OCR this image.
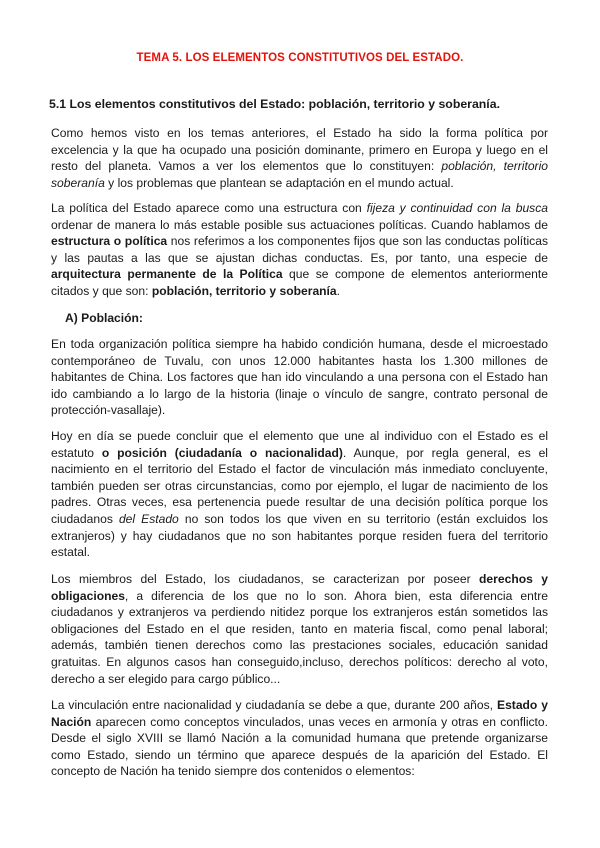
TEMA 5. LOS ELEMENTOS CONSTITUTIVOS DEL ESTADO.
5.1 Los elementos constitutivos del Estado: población, territorio y soberanía.

Como hemos visto en los temas anteriores, el Estado ha sido la forma política por excelencia y la que ha ocupado una posición dominante, primero en Europa y luego en el resto del planeta. Vamos a ver los elementos que lo constituyen: población, territorio soberanía y los problemas que plantean se adaptación en el mundo actual.

La política del Estado aparece como una estructura con fijeza y continuidad con la busca ordenar de manera lo más estable posible sus actuaciones políticas. Cuando hablamos de estructura o política nos referimos a los componentes fijos que son las conductas políticas y las pautas a las que se ajustan dichas conductas. Es, por tanto, una especie de arquitectura permanente de la Política que se compone de elementos anteriormente citados y que son: población, territorio y soberanía.

A) Población:

En toda organización política siempre ha habido condición humana, desde el microestado contemporáneo de Tuvalu, con unos 12.000 habitantes hasta los 1.300 millones de habitantes de China. Los factores que han ido vinculando a una persona con el Estado han ido cambiando a lo largo de la historia (linaje o vínculo de sangre, contrato personal de protección-vasallaje).

Hoy en día se puede concluir que el elemento que une al individuo con el Estado es el estatuto o posición (ciudadanía o nacionalidad). Aunque, por regla general, es el nacimiento en el territorio del Estado el factor de vinculación más inmediato concluyente, también pueden ser otras circunstancias, como por ejemplo, el lugar de nacimiento de los padres. Otras veces, esa pertenencia puede resultar de una decisión política porque los ciudadanos del Estado no son todos los que viven en su territorio (están excluidos los extranjeros) y hay ciudadanos que no son habitantes porque residen fuera del territorio estatal.

Los miembros del Estado, los ciudadanos, se caracterizan por poseer derechos y obligaciones, a diferencia de los que no lo son. Ahora bien, esta diferencia entre ciudadanos y extranjeros va perdiendo nitidez porque los extranjeros están sometidos las obligaciones del Estado en el que residen, tanto en materia fiscal, como penal laboral; además, también tienen derechos como las prestaciones sociales, educación sanidad gratuitas. En algunos casos han conseguido,incluso, derechos políticos: derecho al voto, derecho a ser elegido para cargo público...

La vinculación entre nacionalidad y ciudadanía se debe a que, durante 200 años, Estado y Nación aparecen como conceptos vinculados, unas veces en armonía y otras en conflicto. Desde el siglo XVIII se llamó Nación a la comunidad humana que pretende organizarse como Estado, siendo un término que aparece después de la aparición del Estado. El concepto de Nación ha tenido siempre dos contenidos o elementos:
